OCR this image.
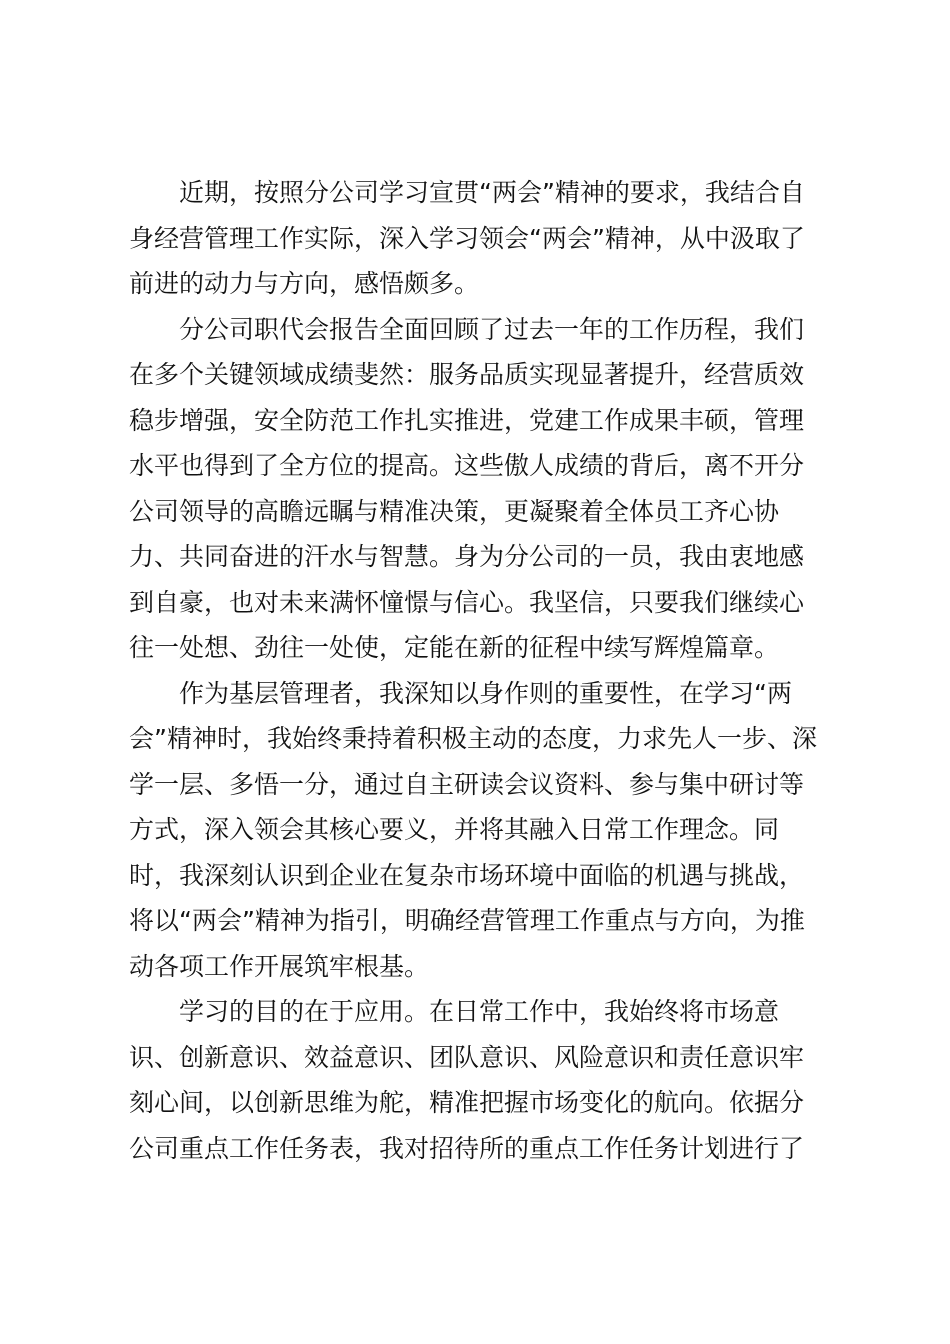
近期，按照分公司学习宣贯“两会”精神的要求，我结合自
身经营管理工作实际，深入学习领会“两会”精神，从中汲取了
前进的动力与方向，感悟颇多。
分公司职代会报告全面回顾了过去一年的工作历程，我们
在多个关键领域成绩斐然：服务品质实现显著提升，经营质效
稳步增强，安全防范工作扎实推进，党建工作成果丰硕，管理
水平也得到了全方位的提高。这些傲人成绩的背后，离不开分
公司领导的高瞻远瞩与精准决策，更凝聚着全体员工齐心协
力、共同奋进的汗水与智慧。身为分公司的一员，我由衷地感
到自豪，也对未来满怀憧憬与信心。我坚信，只要我们继续心
往一处想、劲往一处使，定能在新的征程中续写辉煌篇章。
作为基层管理者，我深知以身作则的重要性，在学习“两
会”精神时，我始终秉持着积极主动的态度，力求先人一步、深
学一层、多悟一分，通过自主研读会议资料、参与集中研讨等
方式，深入领会其核心要义，并将其融入日常工作理念。同
时，我深刻认识到企业在复杂市场环境中面临的机遇与挑战，
将以“两会”精神为指引，明确经营管理工作重点与方向，为推
动各项工作开展筑牢根基。
学习的目的在于应用。在日常工作中，我始终将市场意
识、创新意识、效益意识、团队意识、风险意识和责任意识牢
刻心间，以创新思维为舵，精准把握市场变化的航向。依据分
公司重点工作任务表，我对招待所的重点工作任务计划进行了
